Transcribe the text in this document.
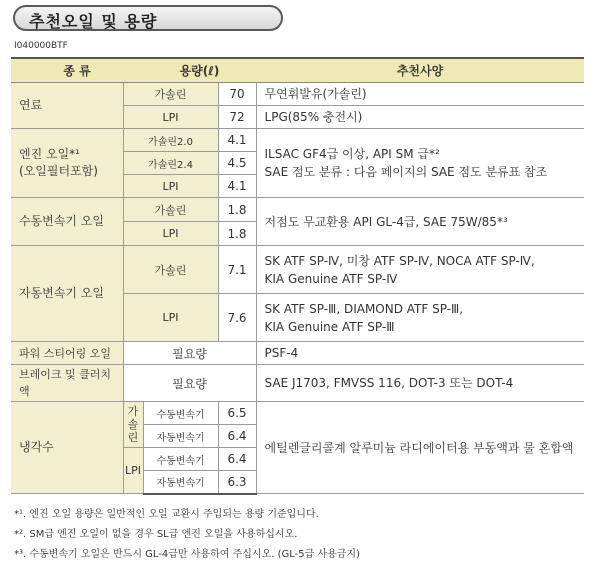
추천오일 및 용량
I040000BTF
종 류		용량(ℓ)		추천사양
연료	가솔린		70	무연휘발유(가솔린)
	LPI		72	LPG(85% 충전시)

엔진 오일*¹
(오일필터포함)	가솔린2.0		4.1	ILSAC GF4급 이상, API SM 급*²
SAE 점도 분류 : 다음 페이지의 SAE 점도 분류표 참조

	가솔린2.4		4.5	
	LPI		4.1	
수동변속기 오일	가솔린		1.8	저점도 무교환용 API GL-4급, SAE 75W/85*³
	LPI		1.8	
자동변속기 오일	가솔린		7.1	SK ATF SP-Ⅳ, 미창 ATF SP-Ⅳ, NOCA ATF SP-Ⅳ,
KIA Genuine ATF SP-Ⅳ

	LPI		7.6	SK ATF SP-Ⅲ, DIAMOND ATF SP-Ⅲ,
KIA Genuine ATF SP-Ⅲ

파워 스티어링 오일	필요량			PSF-4
브레이크 및 클러치 액	필요량			SAE J1703, FMVSS 116, DOT-3 또는 DOT-4
냉각수	가
솔
린	수동변속기	6.5	에틸렌글리콜계 알루미늄 라디에이터용 부동액과 물 혼합액
		자동변속기	6.4	
	LPI	수동변속기	6.4	
		자동변속기	6.3	
*¹. 엔진 오일 용량은 일반적인 오일 교환시 주입되는 용량 기준입니다.
*². SM급 엔진 오일이 없을 경우 SL급 엔진 오일을 사용하십시오.
*³. 수동변속기 오일은 반드시 GL-4급만 사용하여 주십시오. (GL-5급 사용금지)
